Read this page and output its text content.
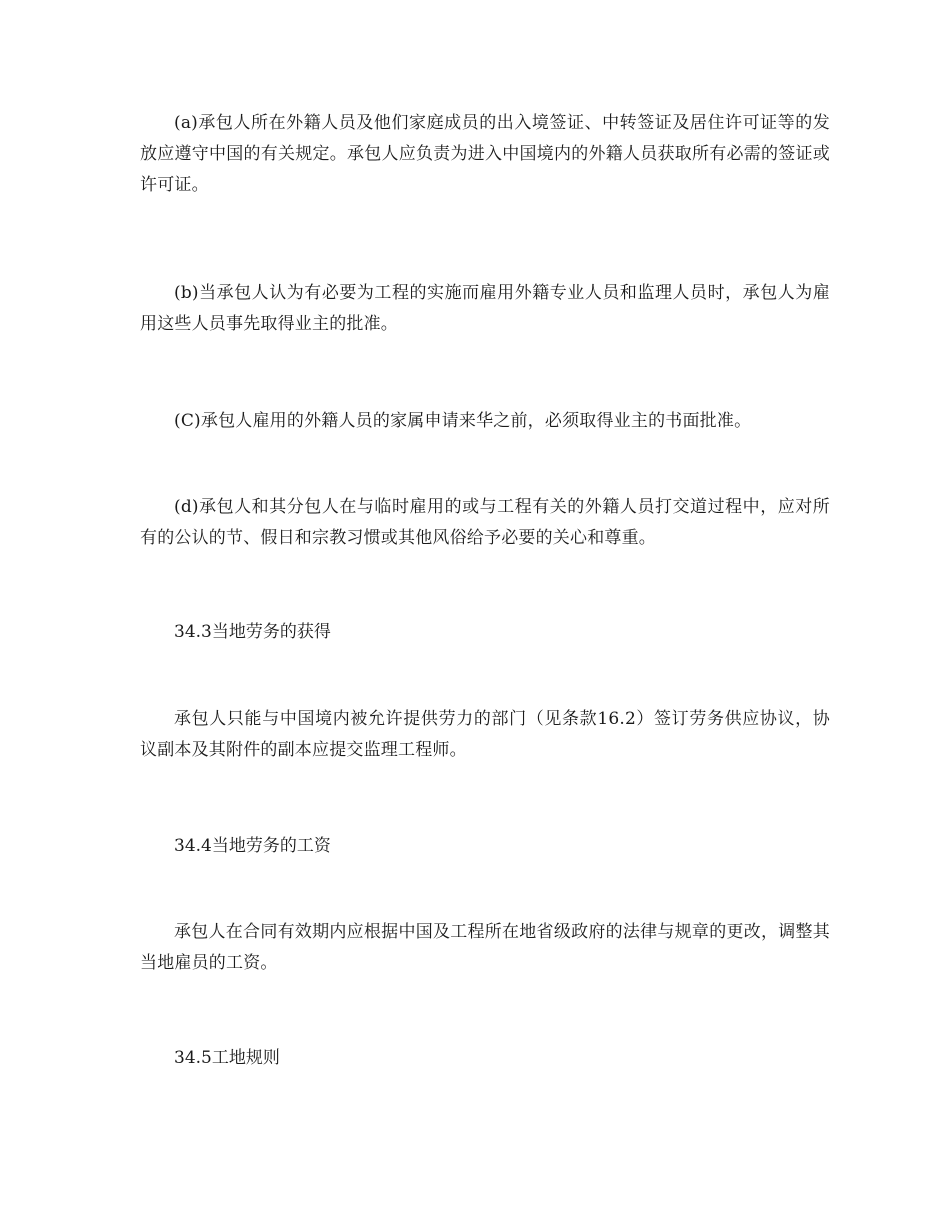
(a)承包人所在外籍人员及他们家庭成员的出入境签证、中转签证及居住许可证等的发放应遵守中国的有关规定。承包人应负责为进入中国境内的外籍人员获取所有必需的签证或许可证。

(b)当承包人认为有必要为工程的实施而雇用外籍专业人员和监理人员时，承包人为雇用这些人员事先取得业主的批准。

(C)承包人雇用的外籍人员的家属申请来华之前，必须取得业主的书面批准。

(d)承包人和其分包人在与临时雇用的或与工程有关的外籍人员打交道过程中，应对所有的公认的节、假日和宗教习惯或其他风俗给予必要的关心和尊重。

34.3当地劳务的获得

承包人只能与中国境内被允许提供劳力的部门（见条款16.2）签订劳务供应协议，协议副本及其附件的副本应提交监理工程师。

34.4当地劳务的工资

承包人在合同有效期内应根据中国及工程所在地省级政府的法律与规章的更改，调整其当地雇员的工资。

34.5工地规则
